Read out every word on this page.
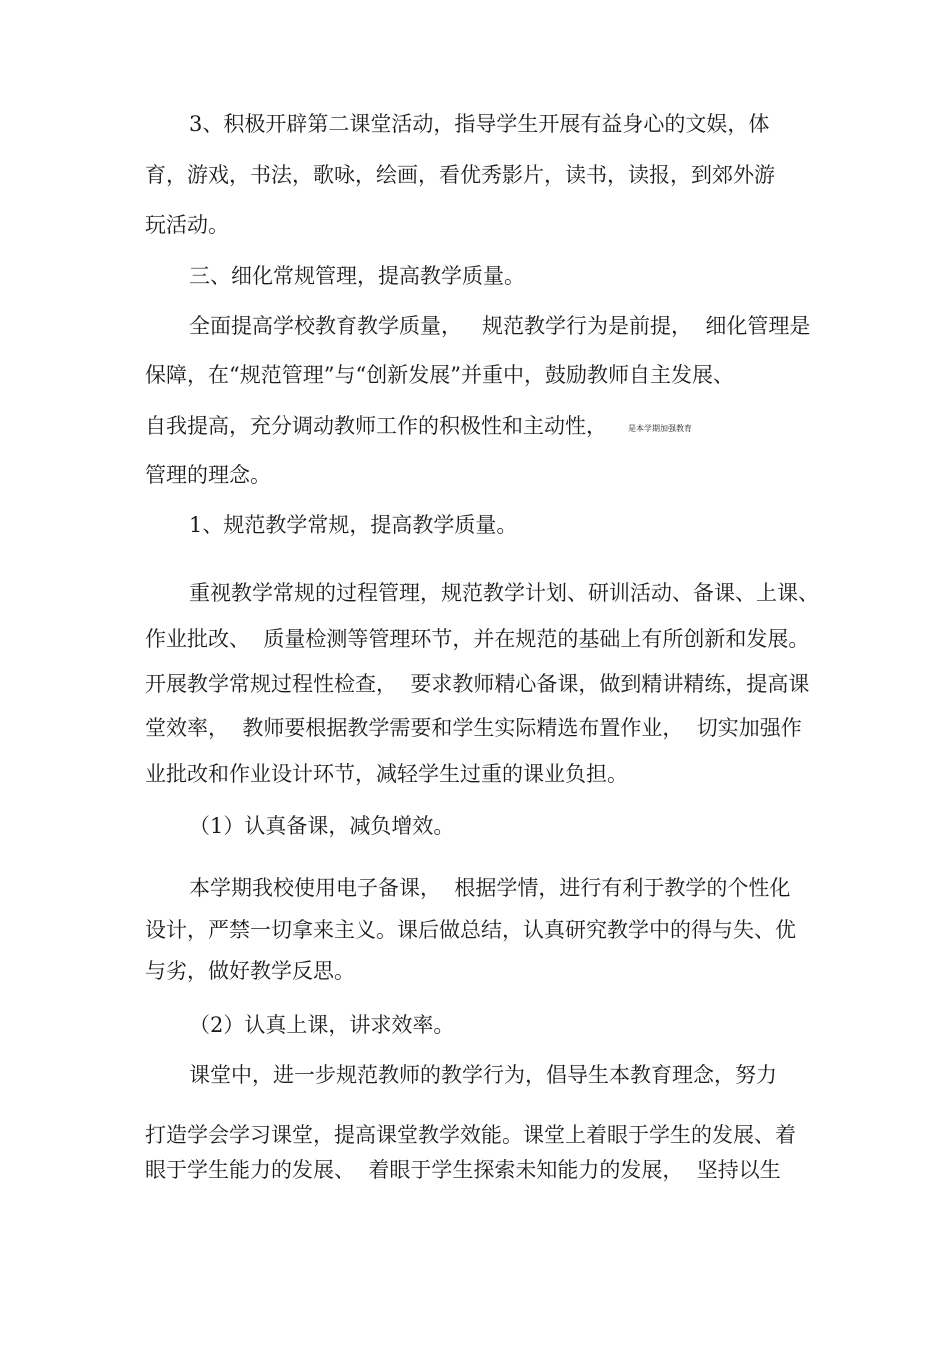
3、积极开辟第二课堂活动，指导学生开展有益身心的文娱，体
育，游戏，书法，歌咏，绘画，看优秀影片，读书，读报，到郊外游
玩活动。
三、细化常规管理，提高教学质量。
全面提高学校教育教学质量，   规范教学行为是前提，  细化管理是
保障，在“规范管理”与“创新发展”并重中，鼓励教师自主发展、
自我提高，充分调动教师工作的积极性和主动性，	是本学期加强教育
管理的理念。
1、规范教学常规，提高教学质量。
重视教学常规的过程管理，规范教学计划、研训活动、备课、上课、
作业批改、  质量检测等管理环节，并在规范的基础上有所创新和发展。
开展教学常规过程性检查，  要求教师精心备课，做到精讲精练，提高课
堂效率，  教师要根据教学需要和学生实际精选布置作业，  切实加强作
业批改和作业设计环节，减轻学生过重的课业负担。
（1）认真备课，减负增效。
本学期我校使用电子备课，  根据学情，进行有利于教学的个性化
设计，严禁一切拿来主义。课后做总结，认真研究教学中的得与失、优
与劣，做好教学反思。
（2）认真上课，讲求效率。
课堂中，进一步规范教师的教学行为，倡导生本教育理念，努力
打造学会学习课堂，提高课堂教学效能。课堂上着眼于学生的发展、着
眼于学生能力的发展、  着眼于学生探索未知能力的发展，  坚持以生
